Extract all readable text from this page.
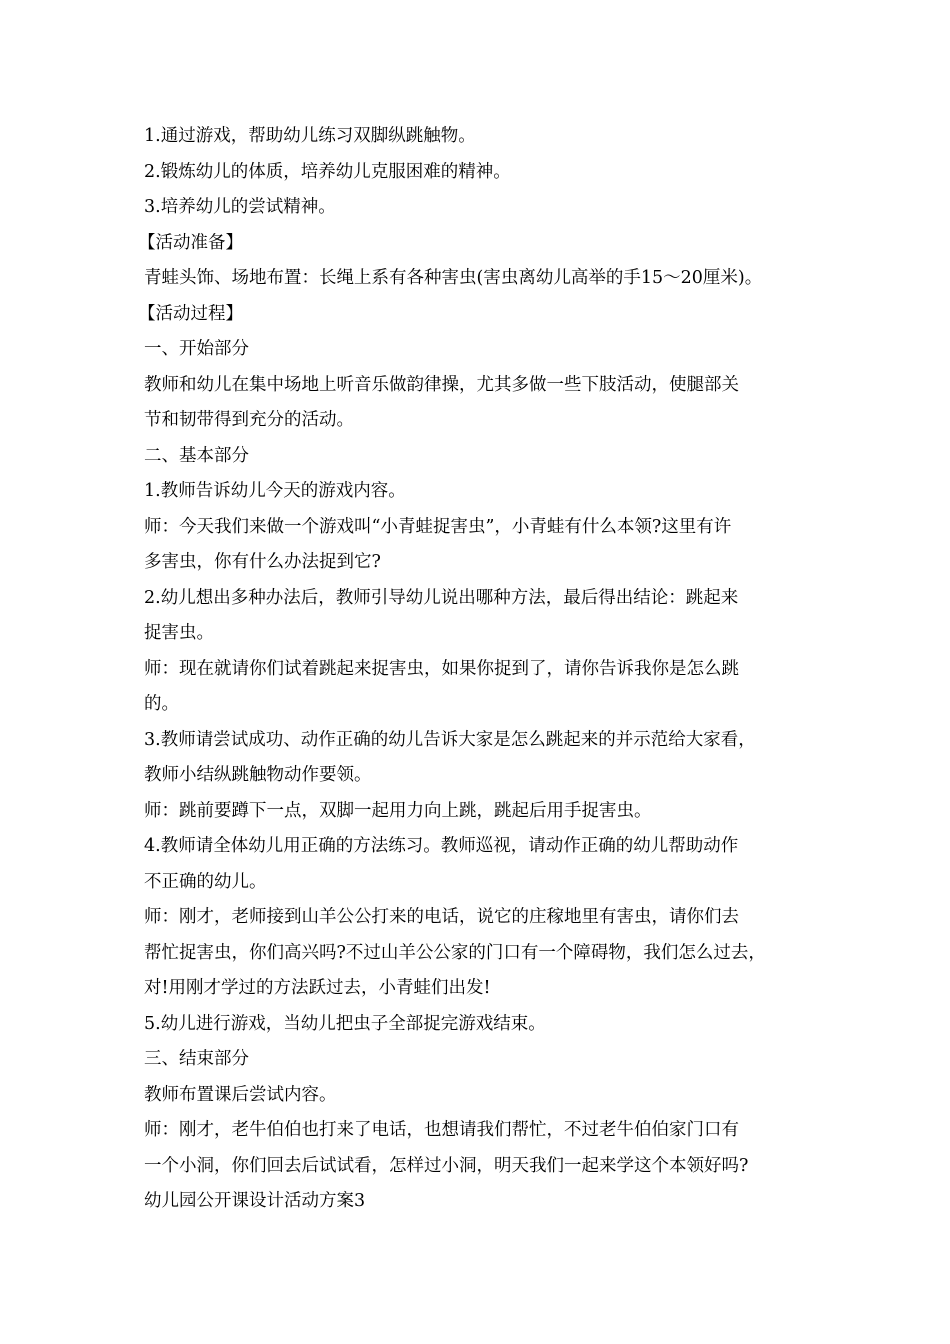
1.通过游戏，帮助幼儿练习双脚纵跳触物。
2.锻炼幼儿的体质，培养幼儿克服困难的精神。
3.培养幼儿的尝试精神。
【活动准备】
青蛙头饰、场地布置：长绳上系有各种害虫(害虫离幼儿高举的手15～20厘米)。
【活动过程】
一、开始部分
教师和幼儿在集中场地上听音乐做韵律操，尤其多做一些下肢活动，使腿部关
节和韧带得到充分的活动。
二、基本部分
1.教师告诉幼儿今天的游戏内容。
师：今天我们来做一个游戏叫“小青蛙捉害虫”，小青蛙有什么本领?这里有许
多害虫，你有什么办法捉到它?
2.幼儿想出多种办法后，教师引导幼儿说出哪种方法，最后得出结论：跳起来
捉害虫。
师：现在就请你们试着跳起来捉害虫，如果你捉到了，请你告诉我你是怎么跳
的。
3.教师请尝试成功、动作正确的幼儿告诉大家是怎么跳起来的并示范给大家看，
教师小结纵跳触物动作要领。
师：跳前要蹲下一点，双脚一起用力向上跳，跳起后用手捉害虫。
4.教师请全体幼儿用正确的方法练习。教师巡视，请动作正确的幼儿帮助动作
不正确的幼儿。
师：刚才，老师接到山羊公公打来的电话，说它的庄稼地里有害虫，请你们去
帮忙捉害虫，你们高兴吗?不过山羊公公家的门口有一个障碍物，我们怎么过去，
对!用刚才学过的方法跃过去，小青蛙们出发!
5.幼儿进行游戏，当幼儿把虫子全部捉完游戏结束。
三、结束部分
教师布置课后尝试内容。
师：刚才，老牛伯伯也打来了电话，也想请我们帮忙，不过老牛伯伯家门口有
一个小洞，你们回去后试试看，怎样过小洞，明天我们一起来学这个本领好吗?
幼儿园公开课设计活动方案3
